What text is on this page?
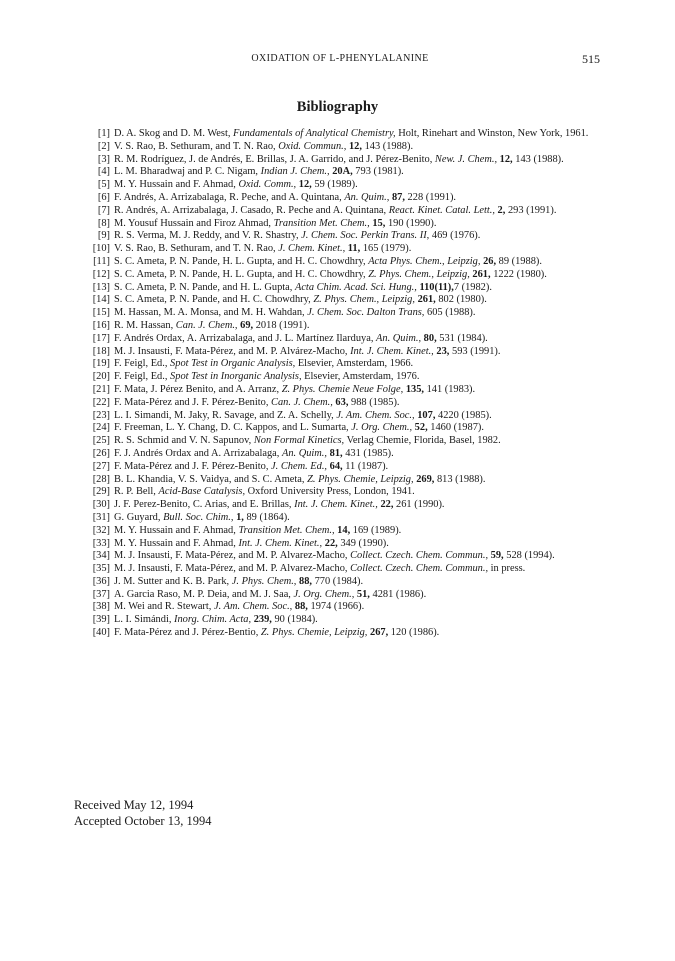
OXIDATION OF L-PHENYLALANINE	515
Bibliography
[1] D. A. Skog and D. M. West, Fundamentals of Analytical Chemistry, Holt, Rinehart and Winston, New York, 1961.
[2] V. S. Rao, B. Sethuram, and T. N. Rao, Oxid. Commun., 12, 143 (1988).
[3] R. M. Rodríguez, J. de Andrés, E. Brillas, J. A. Garrido, and J. Pérez-Benito, New. J. Chem., 12, 143 (1988).
[4] L. M. Bharadwaj and P. C. Nigam, Indian J. Chem., 20A, 793 (1981).
[5] M. Y. Hussain and F. Ahmad, Oxid. Comm., 12, 59 (1989).
[6] F. Andrés, A. Arrizabalaga, R. Peche, and A. Quintana, An. Quim., 87, 228 (1991).
[7] R. Andrés, A. Arrizabalaga, J. Casado, R. Peche and A. Quintana, React. Kinet. Catal. Lett., 2, 293 (1991).
[8] M. Yousuf Hussain and Firoz Ahmad, Transition Met. Chem., 15, 190 (1990).
[9] R. S. Verma, M. J. Reddy, and V. R. Shastry, J. Chem. Soc. Perkin Trans. II, 469 (1976).
[10] V. S. Rao, B. Sethuram, and T. N. Rao, J. Chem. Kinet., 11, 165 (1979).
[11] S. C. Ameta, P. N. Pande, H. L. Gupta, and H. C. Chowdhry, Acta Phys. Chem., Leipzig, 26, 89 (1988).
[12] S. C. Ameta, P. N. Pande, H. L. Gupta, and H. C. Chowdhry, Z. Phys. Chem., Leipzig, 261, 1222 (1980).
[13] S. C. Ameta, P. N. Pande, and H. L. Gupta, Acta Chim. Acad. Sci. Hung., 110(11),7 (1982).
[14] S. C. Ameta, P. N. Pande, and H. C. Chowdhry, Z. Phys. Chem., Leipzig, 261, 802 (1980).
[15] M. Hassan, M. A. Monsa, and M. H. Wahdan, J. Chem. Soc. Dalton Trans, 605 (1988).
[16] R. M. Hassan, Can. J. Chem., 69, 2018 (1991).
[17] F. Andrés Ordax, A. Arrizabalaga, and J. L. Martínez Ilarduya, An. Quim., 80, 531 (1984).
[18] M. J. Insausti, F. Mata-Pérez, and M. P. Alvárez-Macho, Int. J. Chem. Kinet., 23, 593 (1991).
[19] F. Feigl, Ed., Spot Test in Organic Analysis, Elsevier, Amsterdam, 1966.
[20] F. Feigl, Ed., Spot Test in Inorganic Analysis, Elsevier, Amsterdam, 1976.
[21] F. Mata, J. Pérez Benito, and A. Arranz, Z. Phys. Chemie Neue Folge, 135, 141 (1983).
[22] F. Mata-Pérez and J. F. Pérez-Benito, Can. J. Chem., 63, 988 (1985).
[23] L. I. Simandi, M. Jaky, R. Savage, and Z. A. Schelly, J. Am. Chem. Soc., 107, 4220 (1985).
[24] F. Freeman, L. Y. Chang, D. C. Kappos, and L. Sumarta, J. Org. Chem., 52, 1460 (1987).
[25] R. S. Schmid and V. N. Sapunov, Non Formal Kinetics, Verlag Chemie, Florida, Basel, 1982.
[26] F. J. Andrés Ordax and A. Arrizabalaga, An. Quim., 81, 431 (1985).
[27] F. Mata-Pérez and J. F. Pérez-Benito, J. Chem. Ed., 64, 11 (1987).
[28] B. L. Khandia, V. S. Vaidya, and S. C. Ameta, Z. Phys. Chemie, Leipzig, 269, 813 (1988).
[29] R. P. Bell, Acid-Base Catalysis, Oxford University Press, London, 1941.
[30] J. F. Perez-Benito, C. Arias, and E. Brillas, Int. J. Chem. Kinet., 22, 261 (1990).
[31] G. Guyard, Bull. Soc. Chim., 1, 89 (1864).
[32] M. Y. Hussain and F. Ahmad, Transition Met. Chem., 14, 169 (1989).
[33] M. Y. Hussain and F. Ahmad, Int. J. Chem. Kinet., 22, 349 (1990).
[34] M. J. Insausti, F. Mata-Pérez, and M. P. Alvarez-Macho, Collect. Czech. Chem. Commun., 59, 528 (1994).
[35] M. J. Insausti, F. Mata-Pérez, and M. P. Alvarez-Macho, Collect. Czech. Chem. Commun., in press.
[36] J. M. Sutter and K. B. Park, J. Phys. Chem., 88, 770 (1984).
[37] A. Garcia Raso, M. P. Deia, and M. J. Saa, J. Org. Chem., 51, 4281 (1986).
[38] M. Wei and R. Stewart, J. Am. Chem. Soc., 88, 1974 (1966).
[39] L. I. Simándi, Inorg. Chim. Acta, 239, 90 (1984).
[40] F. Mata-Pérez and J. Pérez-Bentio, Z. Phys. Chemie, Leipzig, 267, 120 (1986).
Received May 12, 1994
Accepted October 13, 1994
